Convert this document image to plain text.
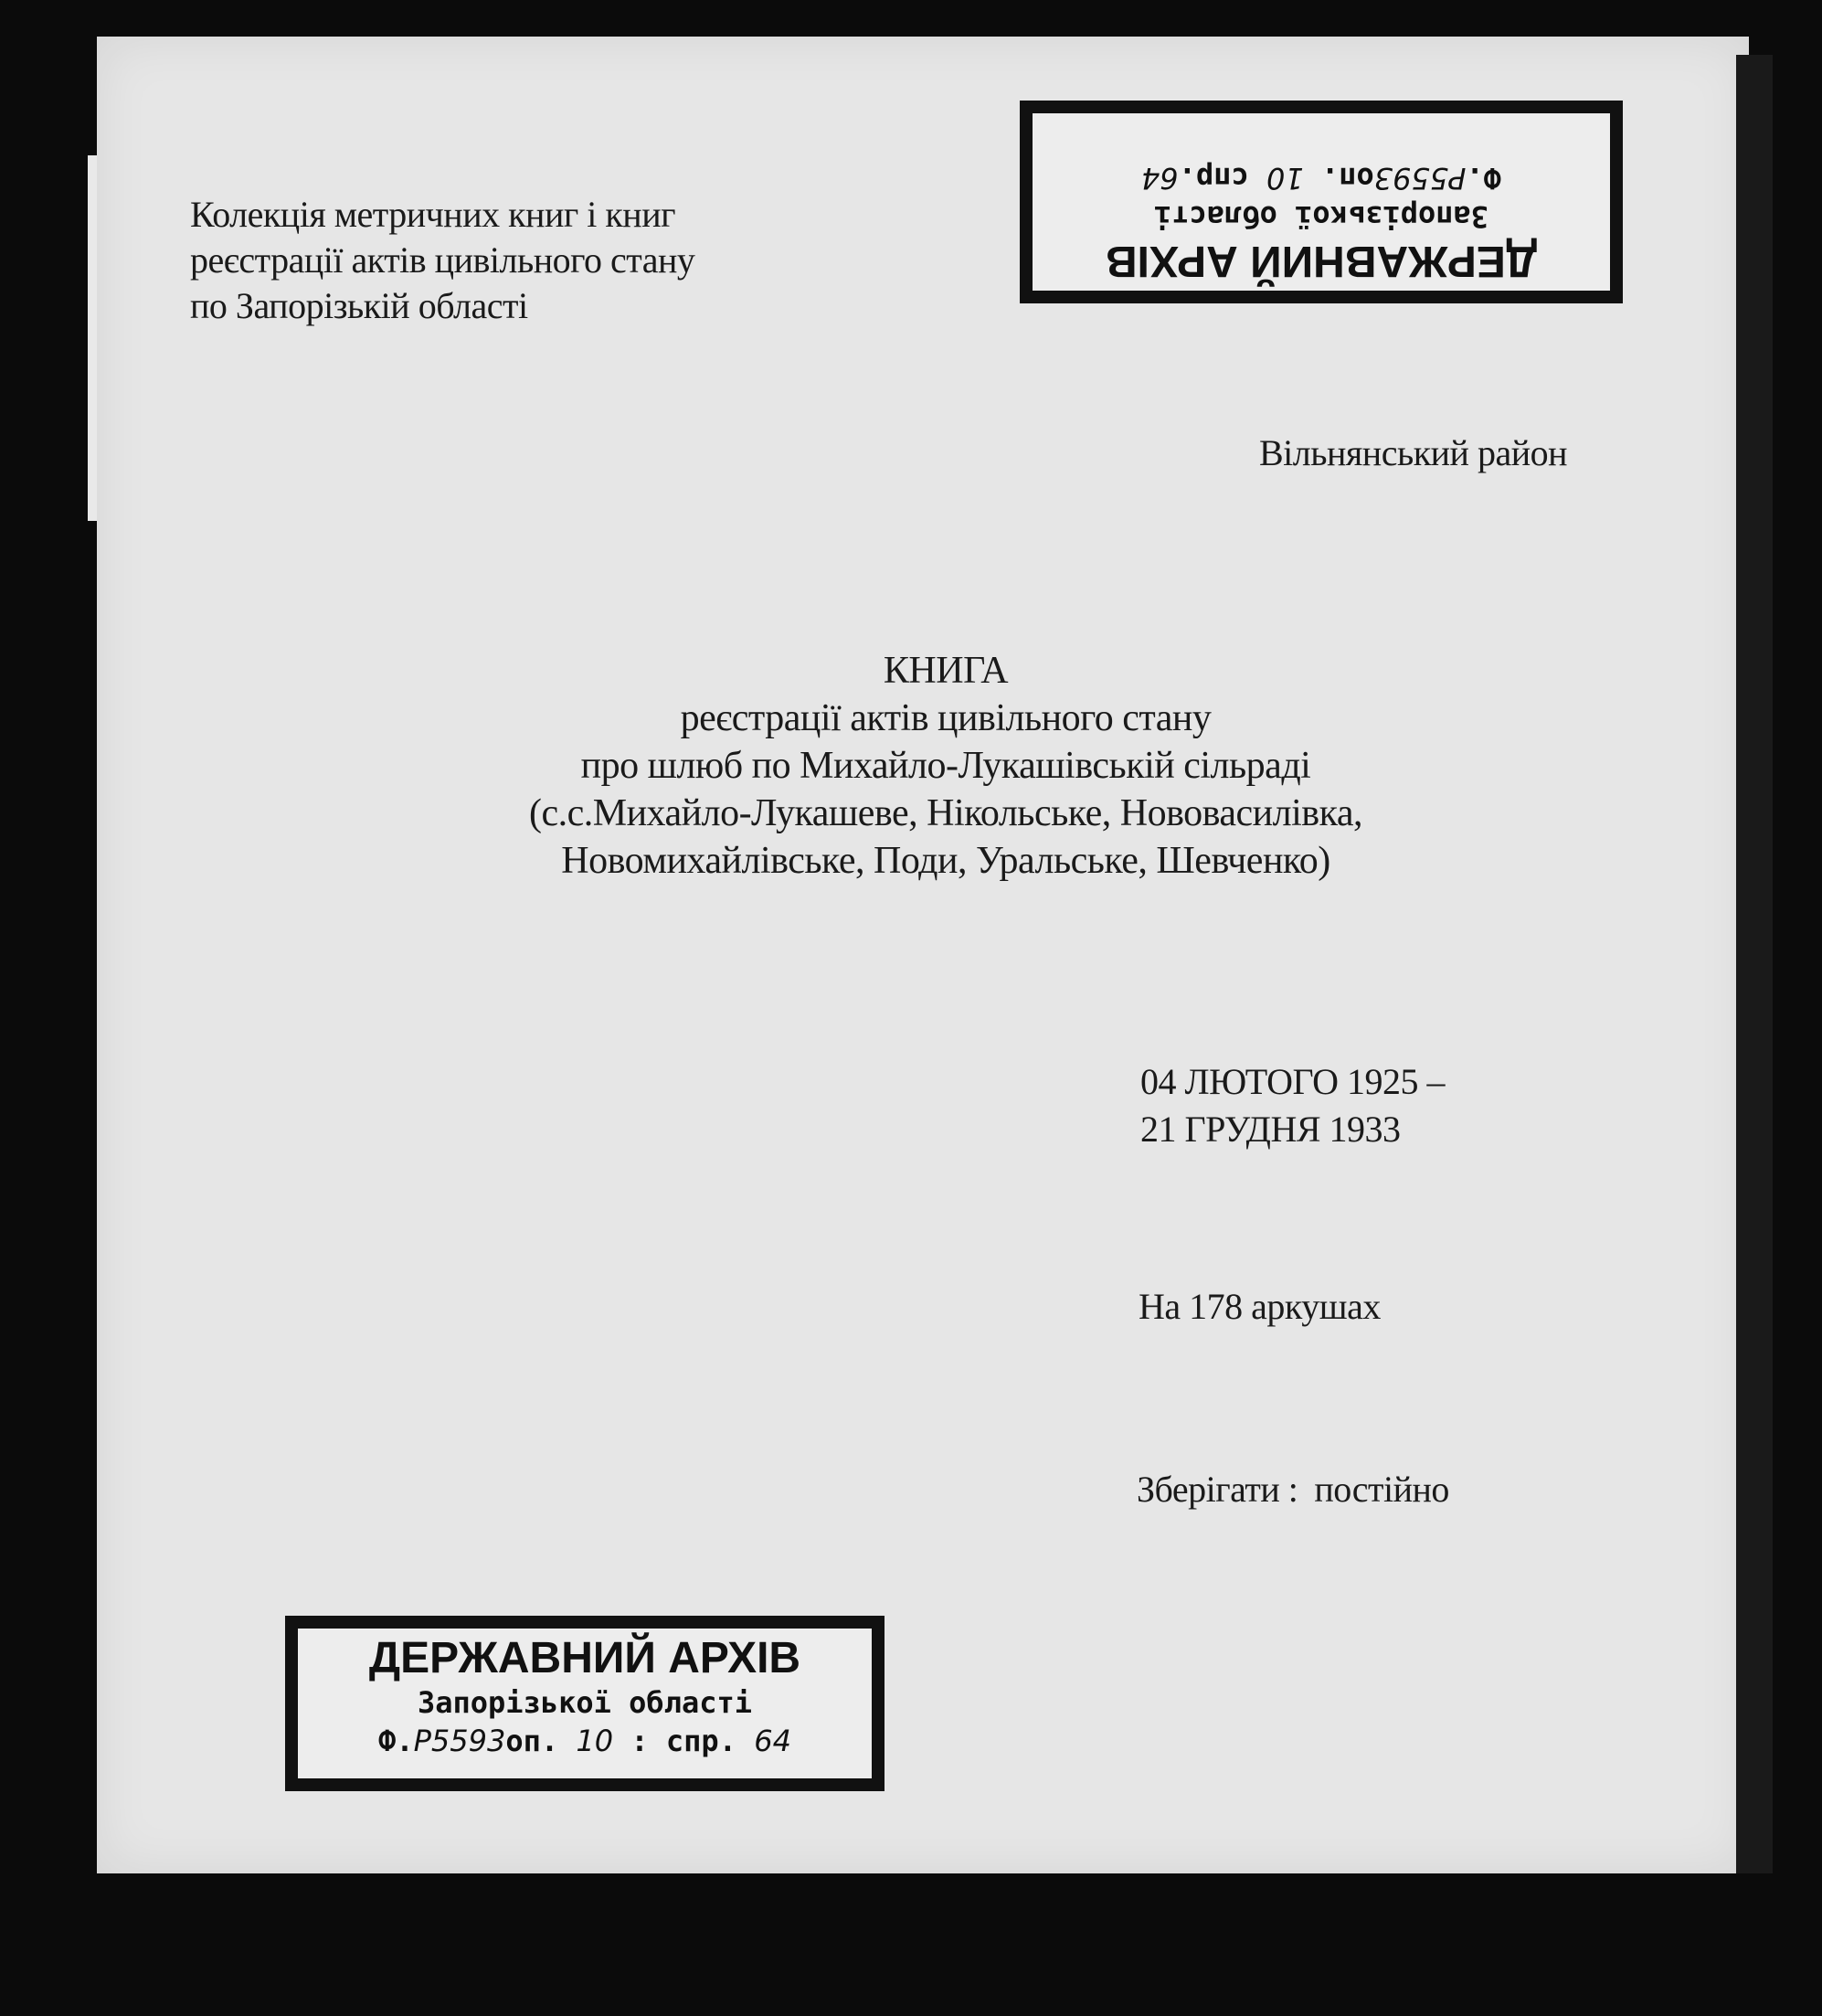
Колекція метричних книг і книг
реєстрації актів цивільного стану
по Запорізькій області
Вільнянський район
КНИГА
реєстрації актів цивільного стану
про шлюб по Михайло-Лукашівській сільраді
(с.с.Михайло-Лукашеве, Нікольське, Нововасилівка,
Новомихайлівське, Поди, Уральське, Шевченко)
04 ЛЮТОГО 1925 –
21 ГРУДНЯ 1933
На 178 аркушах
Зберігати : постійно
ДЕРЖАВНИЙ АРХІВ
Запорізької області
Ф.P5593оп. 10 спр.64
ДЕРЖАВНИЙ АРХІВ
Запорізької області
Ф.P5593оп. 10 : спр. 64
